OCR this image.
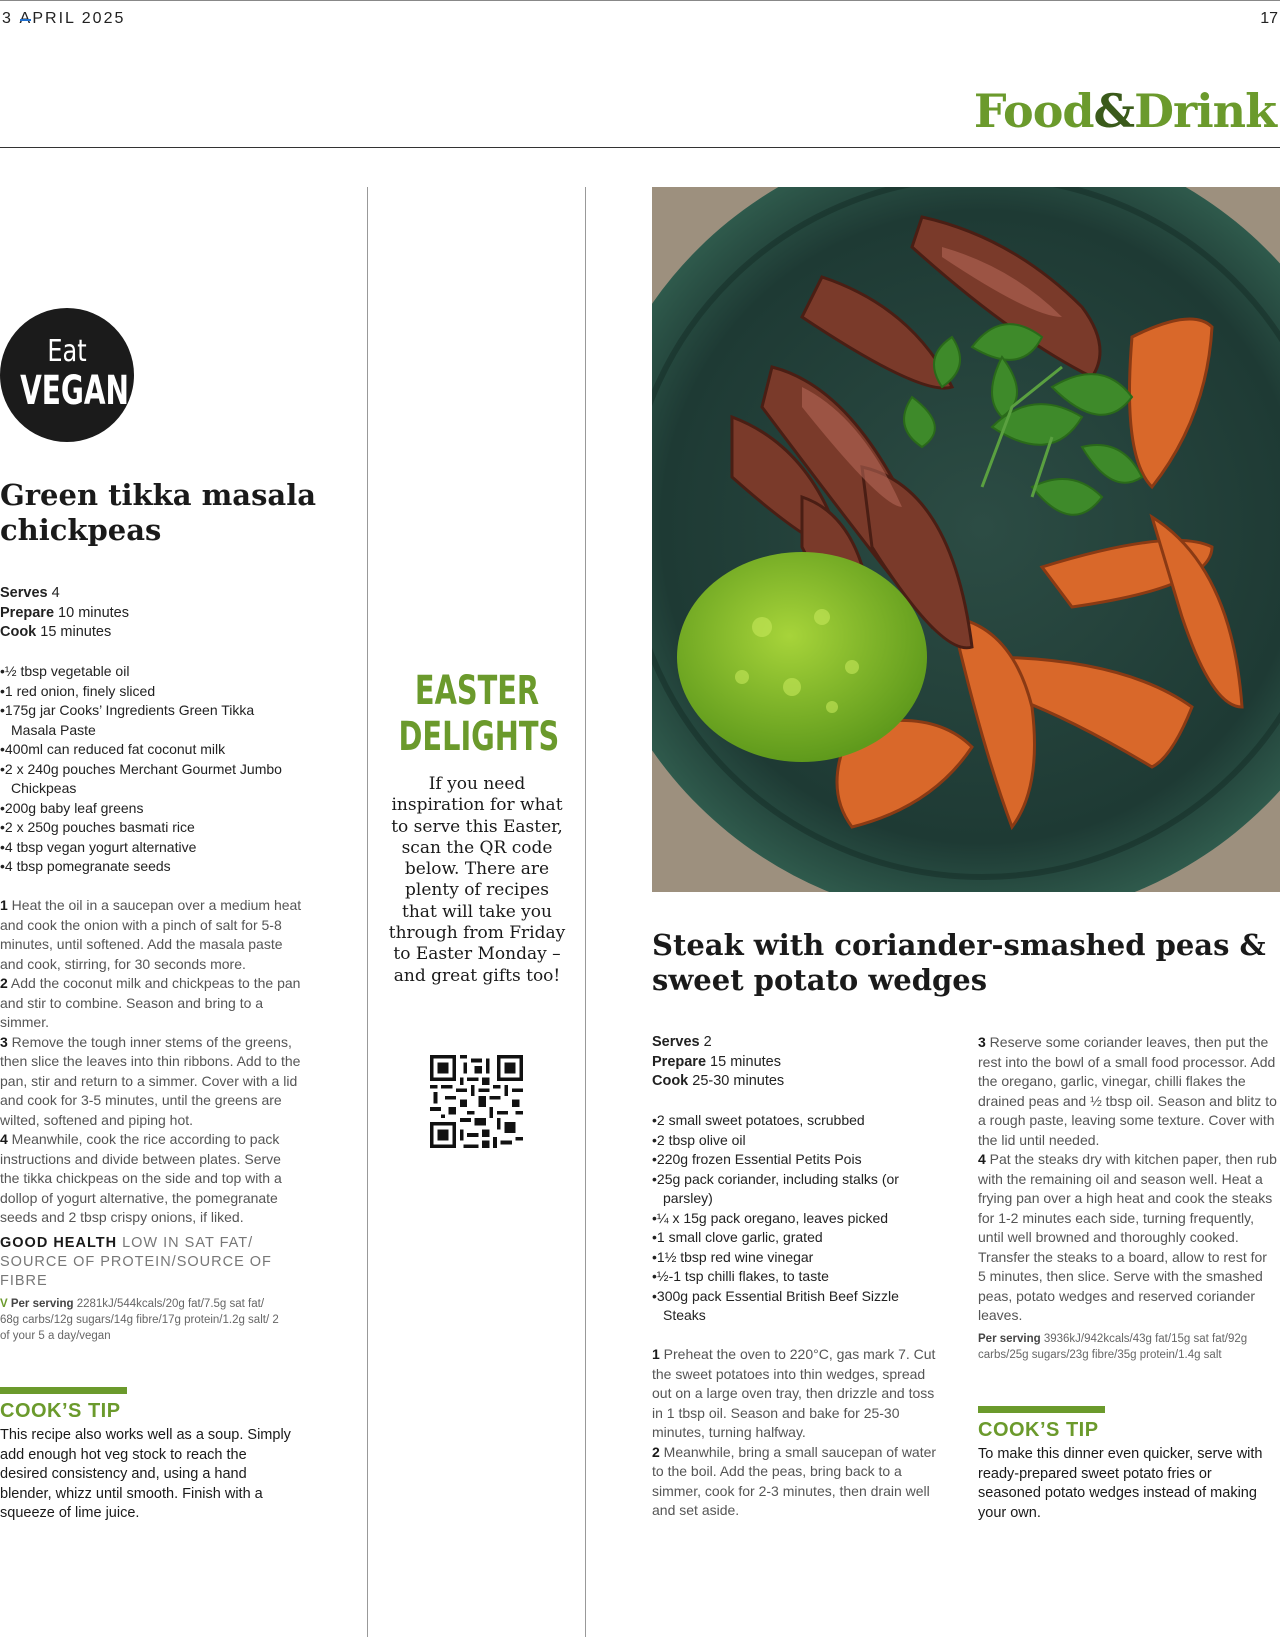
3
PRIL 2025	17
Food&Drink
Eat
VEGAN
Green tikka masala chickpeas
Serves 4
Prepare 10 minutes
Cook 15 minutes
• ½ tbsp vegetable oil
• 1 red onion, finely sliced
• 175g jar Cooks’ Ingredients Green Tikka Masala Paste
• 400ml can reduced fat coconut milk
• 2 x 240g pouches Merchant Gourmet Jumbo Chickpeas
• 200g baby leaf greens
• 2 x 250g pouches basmati rice
• 4 tbsp vegan yogurt alternative
• 4 tbsp pomegranate seeds

1 Heat the oil in a saucepan over a medium heat and cook the onion with a pinch of salt for 5-8 minutes, until softened. Add the masala paste and cook, stirring, for 30 seconds more.

2 Add the coconut milk and chickpeas to the pan and stir to combine. Season and bring to a simmer.

3 Remove the tough inner stems of the greens, then slice the leaves into thin ribbons. Add to the pan, stir and return to a simmer. Cover with a lid and cook for 3-5 minutes, until the greens are wilted, softened and piping hot.

4 Meanwhile, cook the rice according to pack instructions and divide between plates. Serve the tikka chickpeas on the side and top with a dollop of yogurt alternative, the pomegranate seeds and 2 tbsp crispy onions, if liked.

GOOD HEALTH LOW IN SAT FAT/ SOURCE OF PROTEIN/SOURCE OF FIBRE
V Per serving 2281kJ/544kcals/20g fat/7.5g sat fat/ 68g carbs/12g sugars/14g fibre/17g protein/1.2g salt/ 2 of your 5 a day/vegan
COOK’S TIP
This recipe also works well as a soup. Simply add enough hot veg stock to reach the desired consistency and, using a hand blender, whizz until smooth. Finish with a squeeze of lime juice.
EASTER
DELIGHTS
If you need inspiration for what to serve this Easter, scan the QR code below. There are plenty of recipes that will take you through from Friday to Easter Monday – and great gifts too!
Steak with coriander-smashed peas & sweet potato wedges
Serves 2
Prepare 15 minutes
Cook 25-30 minutes
• 2 small sweet potatoes, scrubbed
• 2 tbsp olive oil
• 220g frozen Essential Petits Pois
• 25g pack coriander, including stalks (or parsley)
• ¼ x 15g pack oregano, leaves picked
• 1 small clove garlic, grated
• 1½ tbsp red wine vinegar
• ½-1 tsp chilli flakes, to taste
• 300g pack Essential British Beef Sizzle Steaks

1 Preheat the oven to 220°C, gas mark 7. Cut the sweet potatoes into thin wedges, spread out on a large oven tray, then drizzle and toss in 1 tbsp oil. Season and bake for 25-30 minutes, turning halfway.

2 Meanwhile, bring a small saucepan of water to the boil. Add the peas, bring back to a simmer, cook for 2-3 minutes, then drain well and set aside.

3 Reserve some coriander leaves, then put the rest into the bowl of a small food processor. Add the oregano, garlic, vinegar, chilli flakes the drained peas and ½ tbsp oil. Season and blitz to a rough paste, leaving some texture. Cover with the lid until needed.

4 Pat the steaks dry with kitchen paper, then rub with the remaining oil and season well. Heat a frying pan over a high heat and cook the steaks for 1-2 minutes each side, turning frequently, until well browned and thoroughly cooked. Transfer the steaks to a board, allow to rest for 5 minutes, then slice. Serve with the smashed peas, potato wedges and reserved coriander leaves.

Per serving 3936kJ/942kcals/43g fat/15g sat fat/92g carbs/25g sugars/23g fibre/35g protein/1.4g salt
COOK’S TIP
To make this dinner even quicker, serve with ready-prepared sweet potato fries or seasoned potato wedges instead of making your own.
